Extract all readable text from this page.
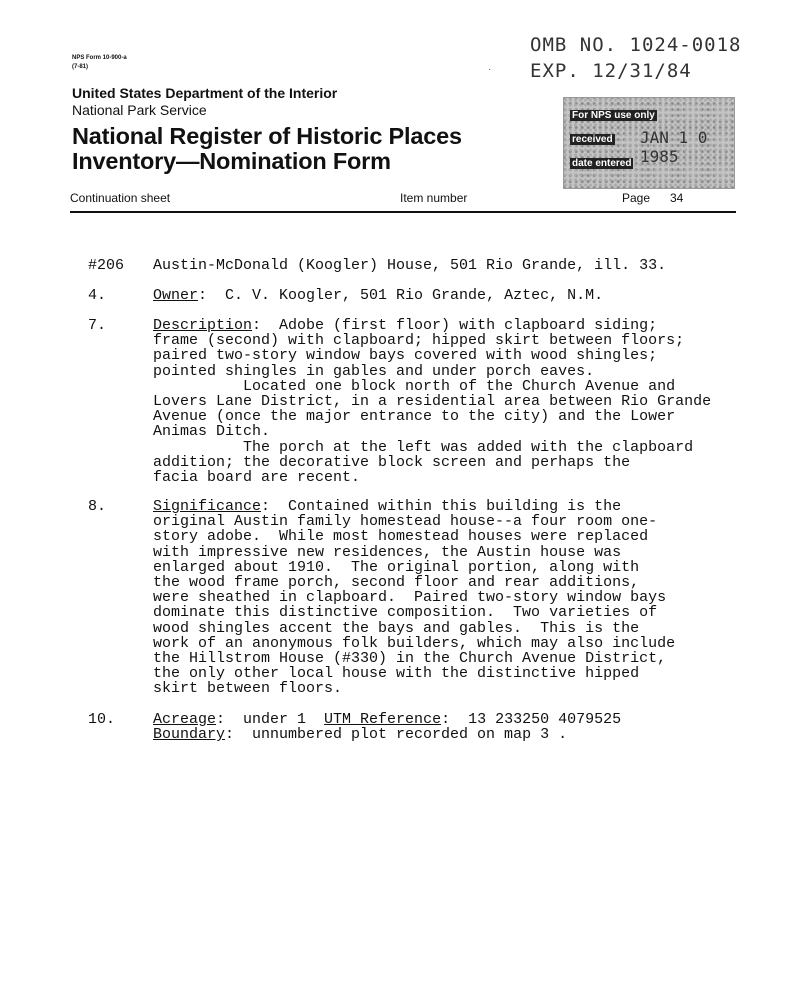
NPS Form 10-900-a
(7-81)
OMB NO. 1024-0018
EXP. 12/31/84
·
United States Department of the Interior
National Park Service
National Register of Historic Places
Inventory—Nomination Form
For NPS use only
received JAN 1 0 1985
date entered
Continuation sheet	Item number	Page 34
#206 Austin-McDonald (Koogler) House, 501 Rio Grande, ill. 33.
4.	Owner:  C. V. Koogler, 501 Rio Grande, Aztec, N.M.
7.	Description:  Adobe (first floor) with clapboard siding;
frame (second) with clapboard; hipped skirt between floors;
paired two-story window bays covered with wood shingles;
pointed shingles in gables and under porch eaves.
Located one block north of the Church Avenue and
Lovers Lane District, in a residential area between Rio Grande
Avenue (once the major entrance to the city) and the Lower
Animas Ditch.
The porch at the left was added with the clapboard
addition; the decorative block screen and perhaps the
facia board are recent.
8.	Significance:  Contained within this building is the
original Austin family homestead house--a four room one-
story adobe.  While most homestead houses were replaced
with impressive new residences, the Austin house was
enlarged about 1910.  The original portion, along with
the wood frame porch, second floor and rear additions,
were sheathed in clapboard.  Paired two-story window bays
dominate this distinctive composition.  Two varieties of
wood shingles accent the bays and gables.  This is the
work of an anonymous folk builders, which may also include
the Hillstrom House (#330) in the Church Avenue District,
the only other local house with the distinctive hipped
skirt between floors.
10.	Acreage:  under 1  UTM Reference:  13 233250 4079525
Boundary:  unnumbered plot recorded on map 3 .
